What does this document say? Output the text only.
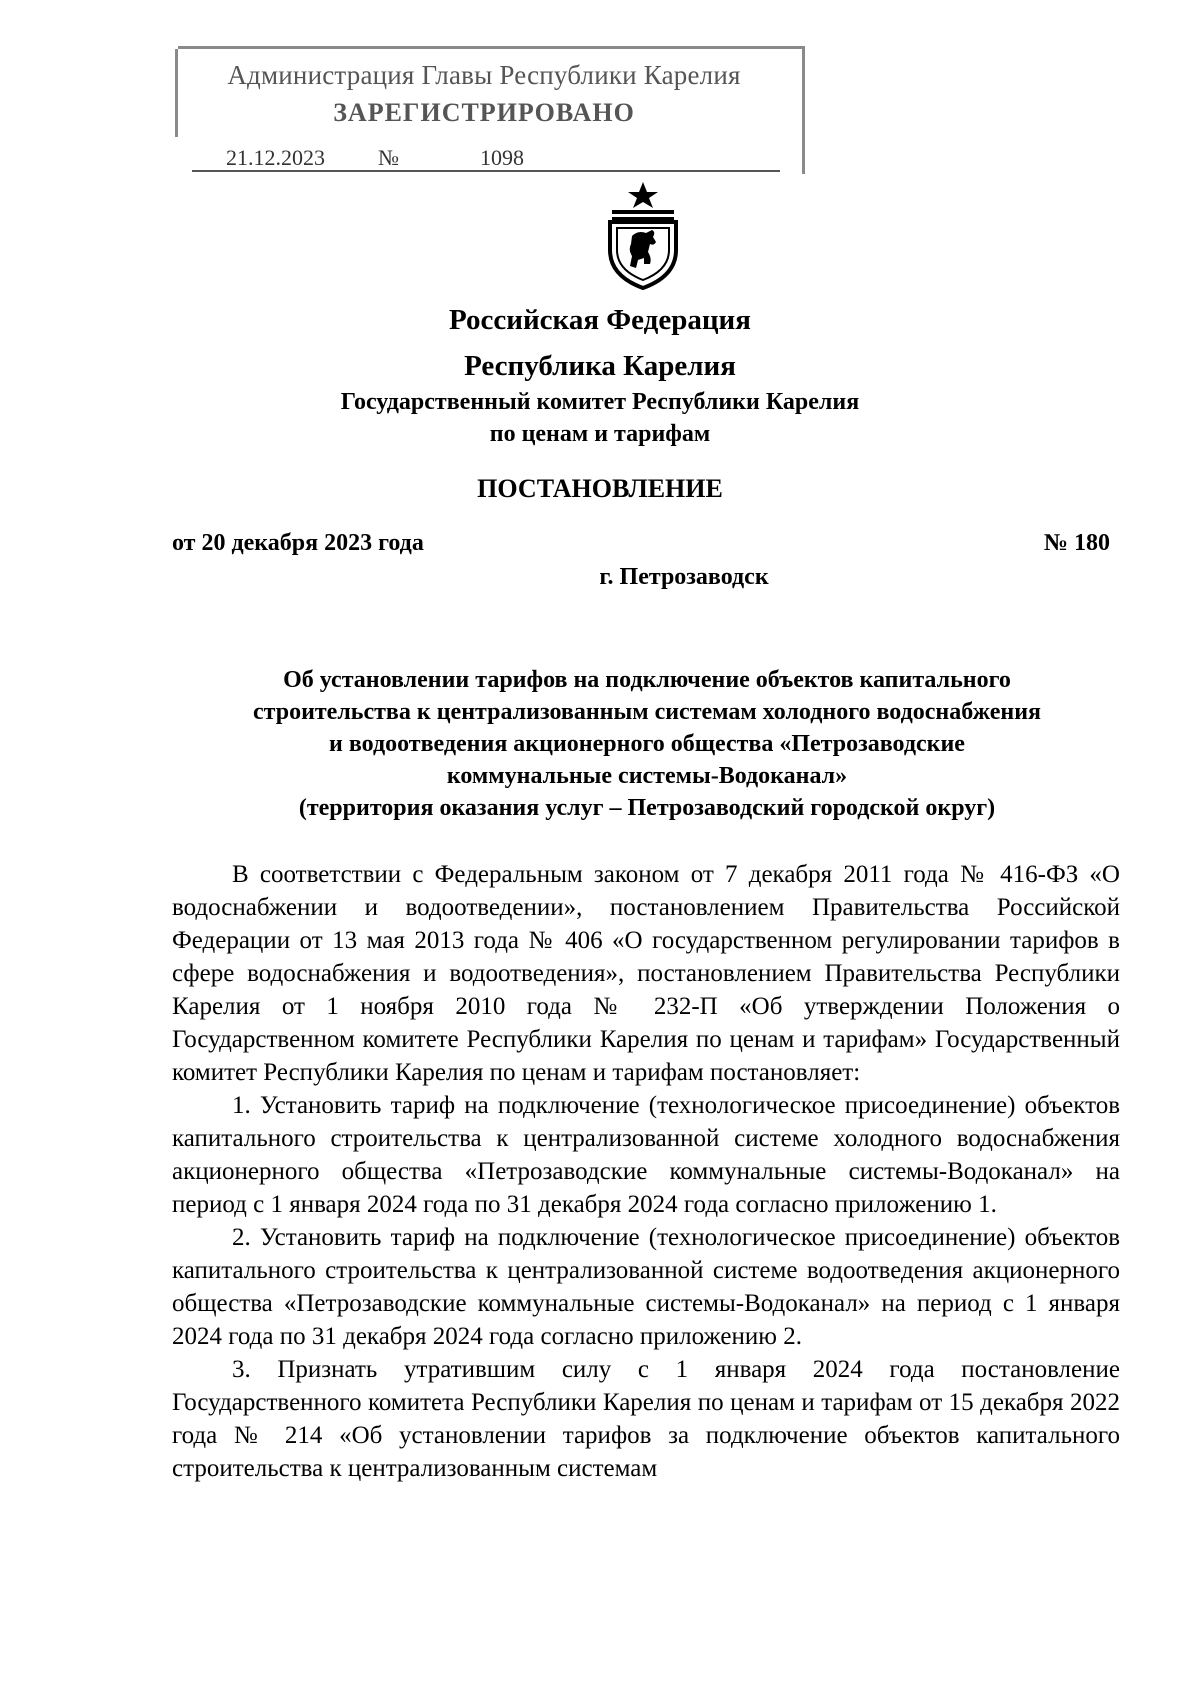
Администрация Главы Республики Карелия
ЗАРЕГИСТРИРОВАНО
21.12.2023 №	1098
Российская Федерация
Республика Карелия
Государственный комитет Республики Карелия
по ценам и тарифам
ПОСТАНОВЛЕНИЕ
от 20 декабря 2023 года	№ 180
г. Петрозаводск
Об установлении тарифов на подключение объектов капитального
строительства к централизованным системам холодного водоснабжения
и водоотведения акционерного общества «Петрозаводские
коммунальные системы-Водоканал»
(территория оказания услуг – Петрозаводский городской округ)

В соответствии с Федеральным законом от 7 декабря 2011 года № 416-ФЗ «О водоснабжении и водоотведении», постановлением Правительства Российской Федерации от 13 мая 2013 года № 406 «О государственном регулировании тарифов в сфере водоснабжения и водоотведения», постановлением Правительства Республики Карелия от 1 ноября 2010 года № 232-П «Об утверждении Положения о Государственном комитете Республики Карелия по ценам и тарифам» Государственный комитет Республики Карелия по ценам и тарифам постановляет:

1. Установить тариф на подключение (технологическое присоединение) объектов капитального строительства к централизованной системе холодного водоснабжения акционерного общества «Петрозаводские коммунальные системы-Водоканал» на период с 1 января 2024 года по 31 декабря 2024 года согласно приложению 1.

2. Установить тариф на подключение (технологическое присоединение) объектов капитального строительства к централизованной системе водоотведения акционерного общества «Петрозаводские коммунальные системы-Водоканал» на период с 1 января 2024 года по 31 декабря 2024 года согласно приложению 2.

3. Признать утратившим силу с 1 января 2024 года постановление Государственного комитета Республики Карелия по ценам и тарифам от 15 декабря 2022 года № 214 «Об установлении тарифов за подключение объектов капитального строительства к централизованным системам
